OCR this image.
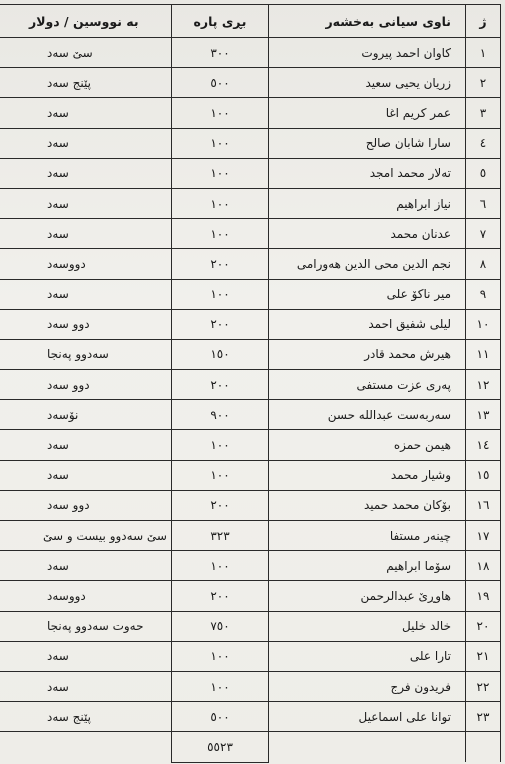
ژ	ناوی سیانی بەخشەر	بڕی پارە	بە نووسین / دولار
١	کاوان احمد پیروت	٣٠٠	سێ سەد
٢	زریان یحیی سعید	٥٠٠	پێنج سەد
٣	عمر کریم اغا	١٠٠	سەد
٤	سارا شابان صالح	١٠٠	سەد
٥	تەلار محمد امجد	١٠٠	سەد
٦	نیاز ابراهیم	١٠٠	سەد
٧	عدنان محمد	١٠٠	سەد
٨	نجم الدین محی الدین هەورامی	٢٠٠	دووسەد
٩	میر ناکۆ علی	١٠٠	سەد
١٠	لیلی شفیق احمد	٢٠٠	دوو سەد
١١	هیرش محمد قادر	١٥٠	سەدوو پەنجا
١٢	پەری عزت مستفی	٢٠٠	دوو سەد
١٣	سەربەست عبداللە حسن	٩٠٠	نۆسەد
١٤	هیمن حمزە	١٠٠	سەد
١٥	وشیار محمد	١٠٠	سەد
١٦	بۆکان محمد حمید	٢٠٠	دوو سەد
١٧	چینەر مستفا	٣٢٣	سێ سەدوو بیست و سێ
١٨	سۆما ابراهیم	١٠٠	سەد
١٩	هاوڕێ عبدالرحمن	٢٠٠	دووسەد
٢٠	خالد خلیل	٧٥٠	حەوت سەدوو پەنجا
٢١	تارا علی	١٠٠	سەد
٢٢	فریدون فرج	١٠٠	سەد
٢٣	توانا علی اسماعیل	٥٠٠	پێنج سەد
		٥٥٢٣	
